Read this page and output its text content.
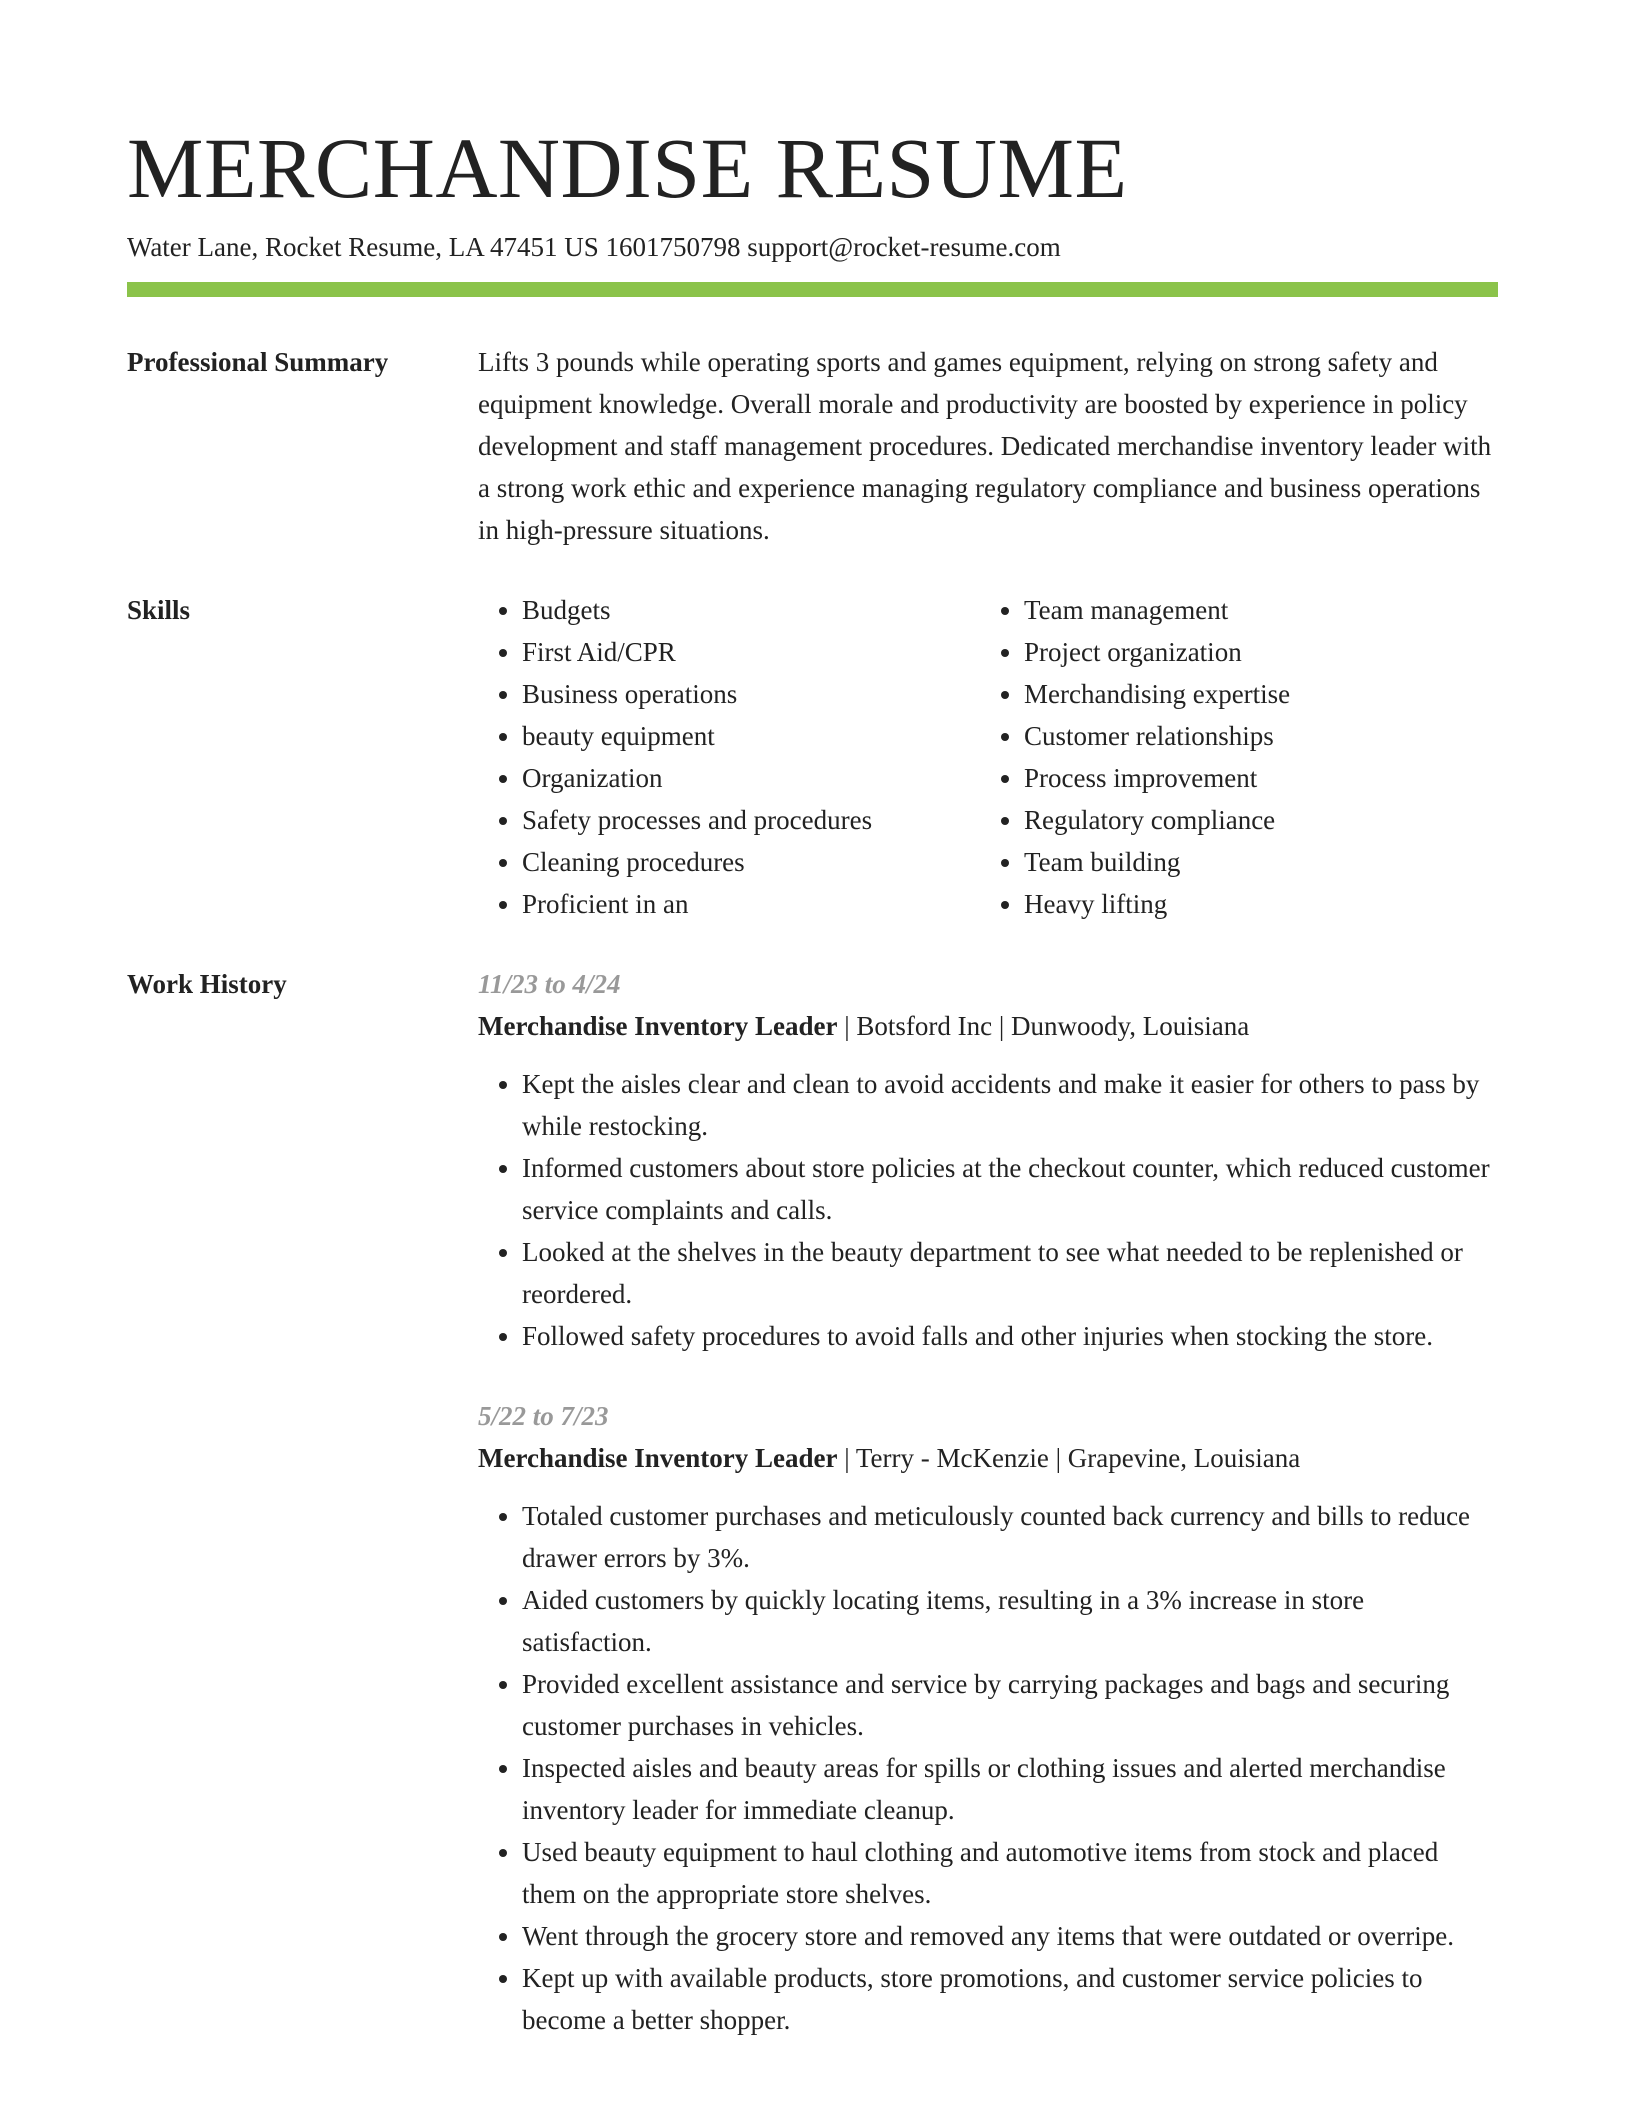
MERCHANDISE RESUME
Water Lane, Rocket Resume, LA 47451 US 1601750798 support@rocket-resume.com
Professional Summary	Lifts 3 pounds while operating sports and games equipment, relying on strong safety and equipment knowledge. Overall morale and productivity are boosted by experience in policy development and staff management procedures. Dedicated merchandise inventory leader with a strong work ethic and experience managing regulatory compliance and business operations in high-pressure situations.

Skills
•	Budgets
• First Aid/CPR
• Business operations
• beauty equipment
• Organization
• Safety processes and procedures
• Cleaning procedures
• Proficient in an
• Team management
• Project organization
• Merchandising expertise
• Customer relationships
• Process improvement
• Regulatory compliance
• Team building
• Heavy lifting
Work History	11/23 to 4/24
Merchandise Inventory Leader | Botsford Inc | Dunwoody, Louisiana
• Kept the aisles clear and clean to avoid accidents and make it easier for others to pass by while restocking.
• Informed customers about store policies at the checkout counter, which reduced customer service complaints and calls.
• Looked at the shelves in the beauty department to see what needed to be replenished or reordered.
• Followed safety procedures to avoid falls and other injuries when stocking the store.
5/22 to 7/23
Merchandise Inventory Leader | Terry - McKenzie | Grapevine, Louisiana
• Totaled customer purchases and meticulously counted back currency and bills to reduce drawer errors by 3%.
• Aided customers by quickly locating items, resulting in a 3% increase in store satisfaction.
• Provided excellent assistance and service by carrying packages and bags and securing customer purchases in vehicles.
• Inspected aisles and beauty areas for spills or clothing issues and alerted merchandise inventory leader for immediate cleanup.
• Used beauty equipment to haul clothing and automotive items from stock and placed them on the appropriate store shelves.
• Went through the grocery store and removed any items that were outdated or overripe.
• Kept up with available products, store promotions, and customer service policies to become a better shopper.
